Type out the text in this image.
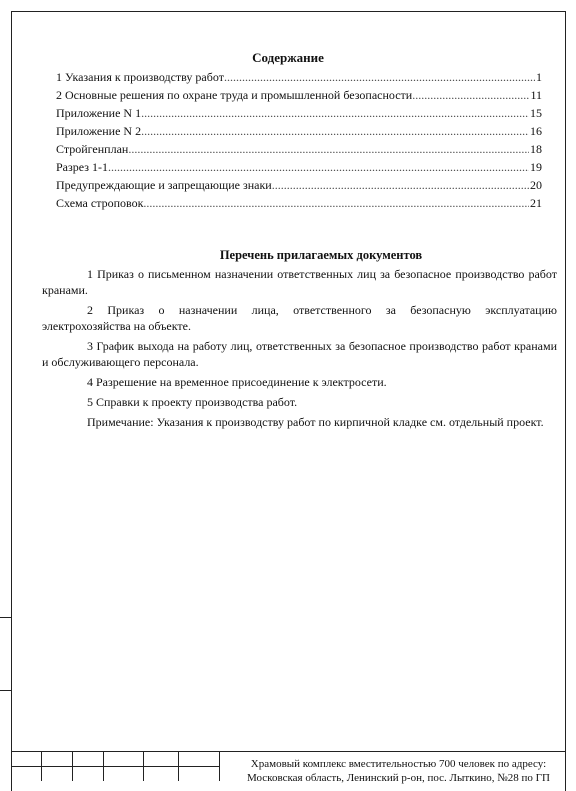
Содержание
1 Указания к производству работ .....	1
2 Основные решения по охране труда и промышленной безопасности .....	11
Приложение N 1 .....	15
Приложение N 2 .....	16
Стройгенплан .....	18
Разрез 1-1 .....	19
Предупреждающие и запрещающие знаки .....	20
Схема строповок .....	21
Перечень прилагаемых документов

1 Приказ о письменном назначении ответственных лиц за безопасное производство работ кранами.

2 Приказ о назначении лица, ответственного за безопасную эксплуатацию электрохозяйства на объекте.

3 График выхода на работу лиц, ответственных за безопасное производство работ кранами и обслуживающего персонала.

4 Разрешение на временное присоединение к электросети.

5 Справки к проекту производства работ.

Примечание: Указания к производству работ по кирпичной кладке см. отдельный проект.

Храмовый комплекс вместительностью 700 человек по адресу:
Московская область, Ленинский р-он, пос. Лыткино, №28 по ГП
